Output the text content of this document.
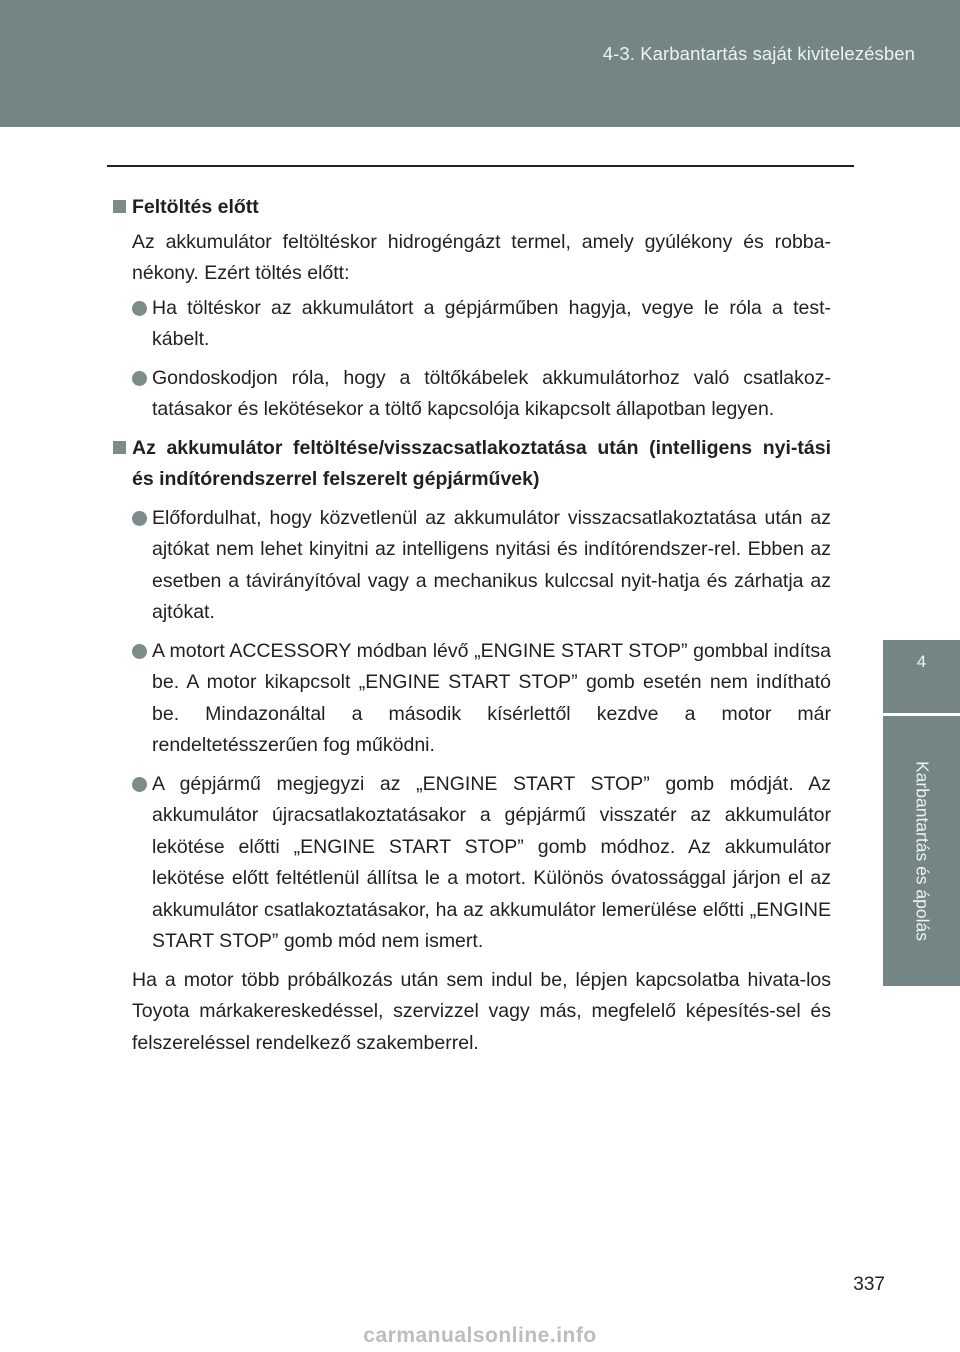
4-3. Karbantartás saját kivitelezésben
4
Karbantartás és ápolás
Feltöltés előtt
Az akkumulátor feltöltéskor hidrogéngázt termel, amely gyúlékony és robba-nékony. Ezért töltés előtt:
Ha töltéskor az akkumulátort a gépjárműben hagyja, vegye le róla a test-kábelt.
Gondoskodjon róla, hogy a töltőkábelek akkumulátorhoz való csatlakoz-tatásakor és lekötésekor a töltő kapcsolója kikapcsolt állapotban legyen.
Az akkumulátor feltöltése/visszacsatlakoztatása után (intelligens nyi-tási és indítórendszerrel felszerelt gépjárművek)
Előfordulhat, hogy közvetlenül az akkumulátor visszacsatlakoztatása után az ajtókat nem lehet kinyitni az intelligens nyitási és indítórendszer-rel. Ebben az esetben a távirányítóval vagy a mechanikus kulccsal nyit-hatja és zárhatja az ajtókat.
A motort ACCESSORY módban lévő „ENGINE START STOP” gombbal indítsa be. A motor kikapcsolt „ENGINE START STOP” gomb esetén nem indítható be. Mindazonáltal a második kísérlettől kezdve a motor már rendeltetésszerűen fog működni.
A gépjármű megjegyzi az „ENGINE START STOP” gomb módját. Az akkumulátor újracsatlakoztatásakor a gépjármű visszatér az akkumulátor lekötése előtti „ENGINE START STOP” gomb módhoz. Az akkumulátor lekötése előtt feltétlenül állítsa le a motort. Különös óvatossággal járjon el az akkumulátor csatlakoztatásakor, ha az akkumulátor lemerülése előtti „ENGINE START STOP” gomb mód nem ismert.
Ha a motor több próbálkozás után sem indul be, lépjen kapcsolatba hivata-los Toyota márkakereskedéssel, szervizzel vagy más, megfelelő képesítés-sel és felszereléssel rendelkező szakemberrel.
337
carmanualsonline.info
